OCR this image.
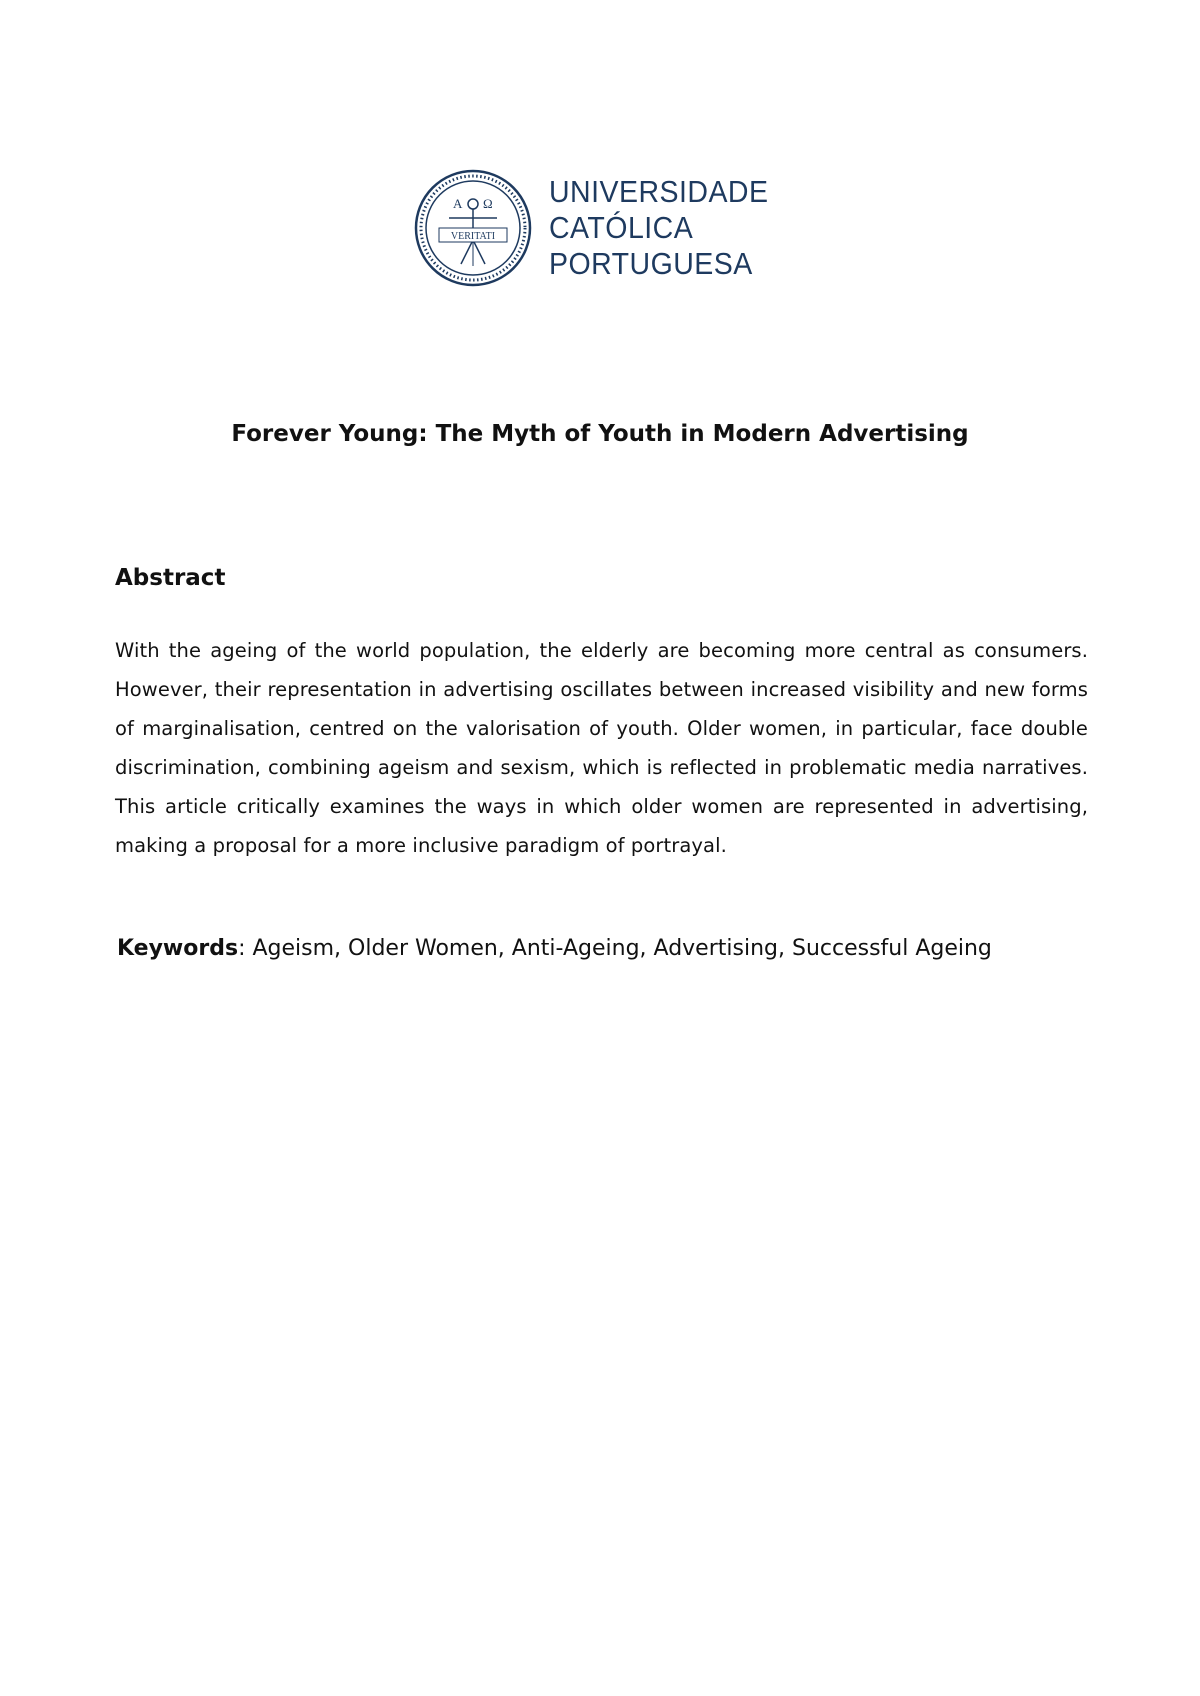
A Ω
VERITATI
UNIVERSIDADE
CATÓLICA
PORTUGUESA
Forever Young: The Myth of Youth in Modern Advertising
Abstract

With the ageing of the world population, the elderly are becoming more central as consumers. However, their representation in advertising oscillates between increased visibility and new forms of marginalisation, centred on the valorisation of youth. Older women, in particular, face double discrimination, combining ageism and sexism, which is reflected in problematic media narratives. This article critically examines the ways in which older women are represented in advertising, making a proposal for a more inclusive paradigm of portrayal.

Keywords: Ageism, Older Women, Anti-Ageing, Advertising, Successful Ageing
